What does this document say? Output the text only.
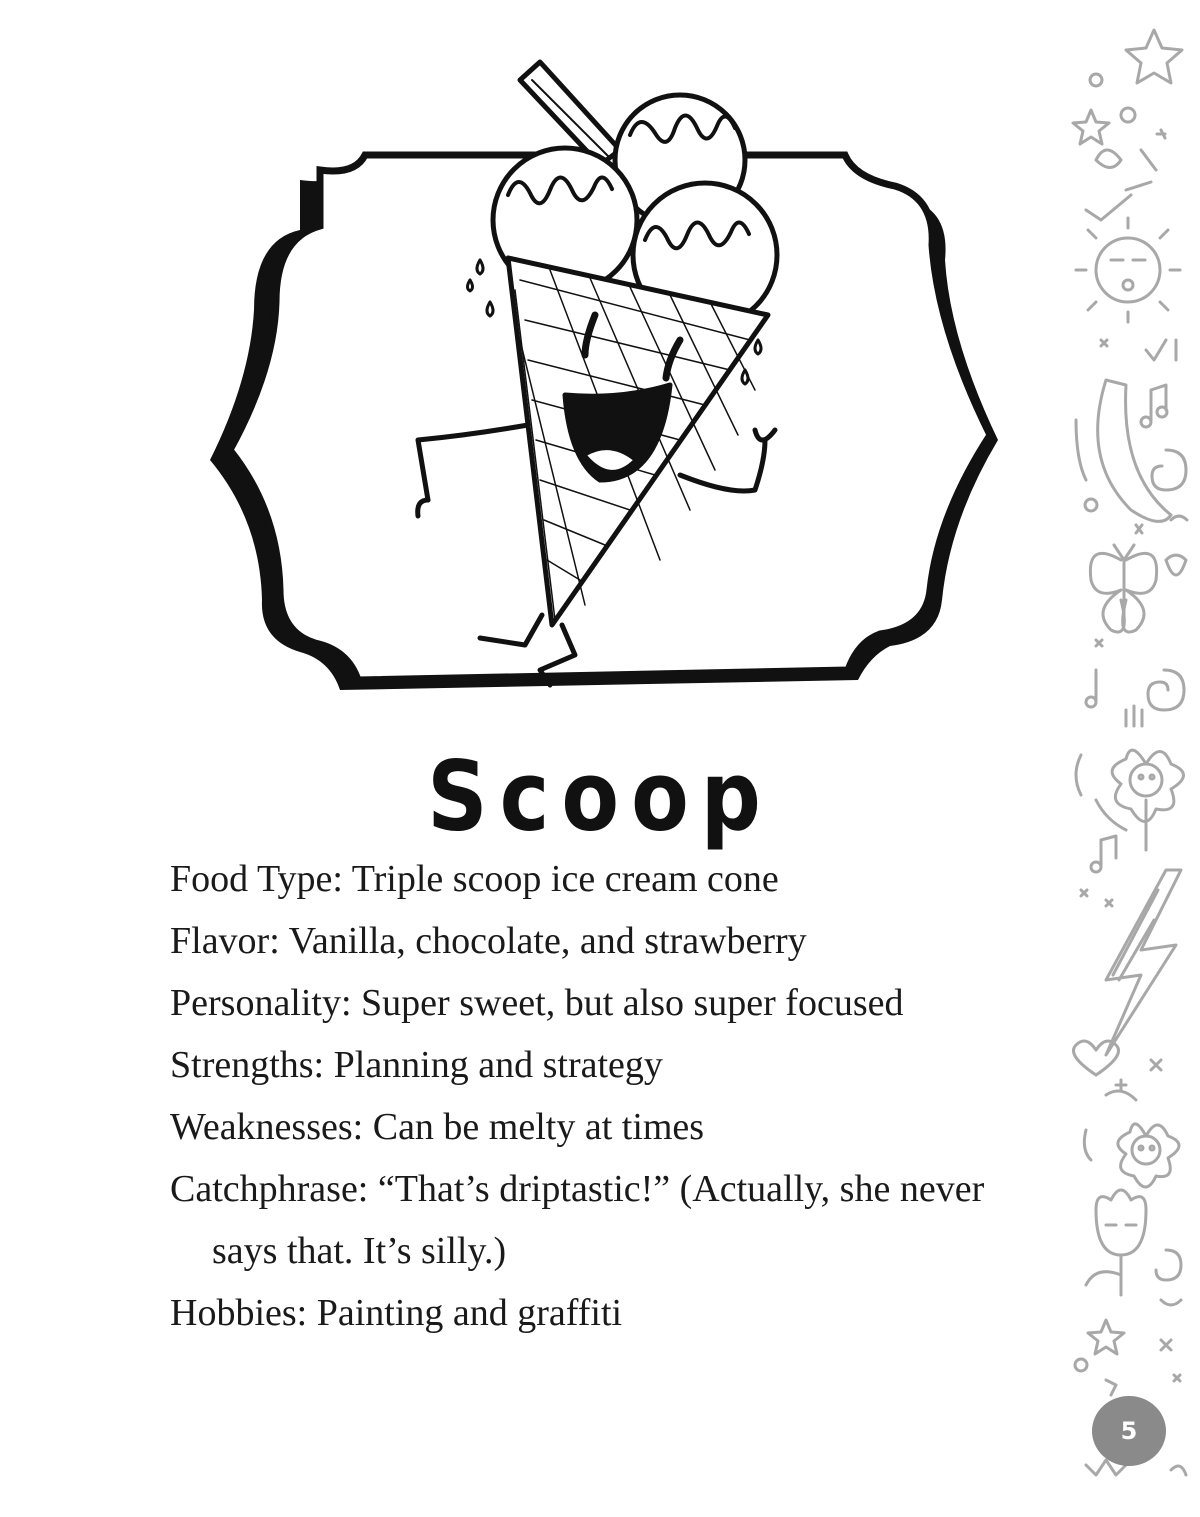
Scoop
Food Type: Triple scoop ice cream cone
Flavor: Vanilla, chocolate, and strawberry
Personality: Super sweet, but also super focused
Strengths: Planning and strategy
Weaknesses: Can be melty at times
Catchphrase: “That’s driptastic!” (Actually, she never
says that. It’s silly.)
Hobbies: Painting and graffiti
5
